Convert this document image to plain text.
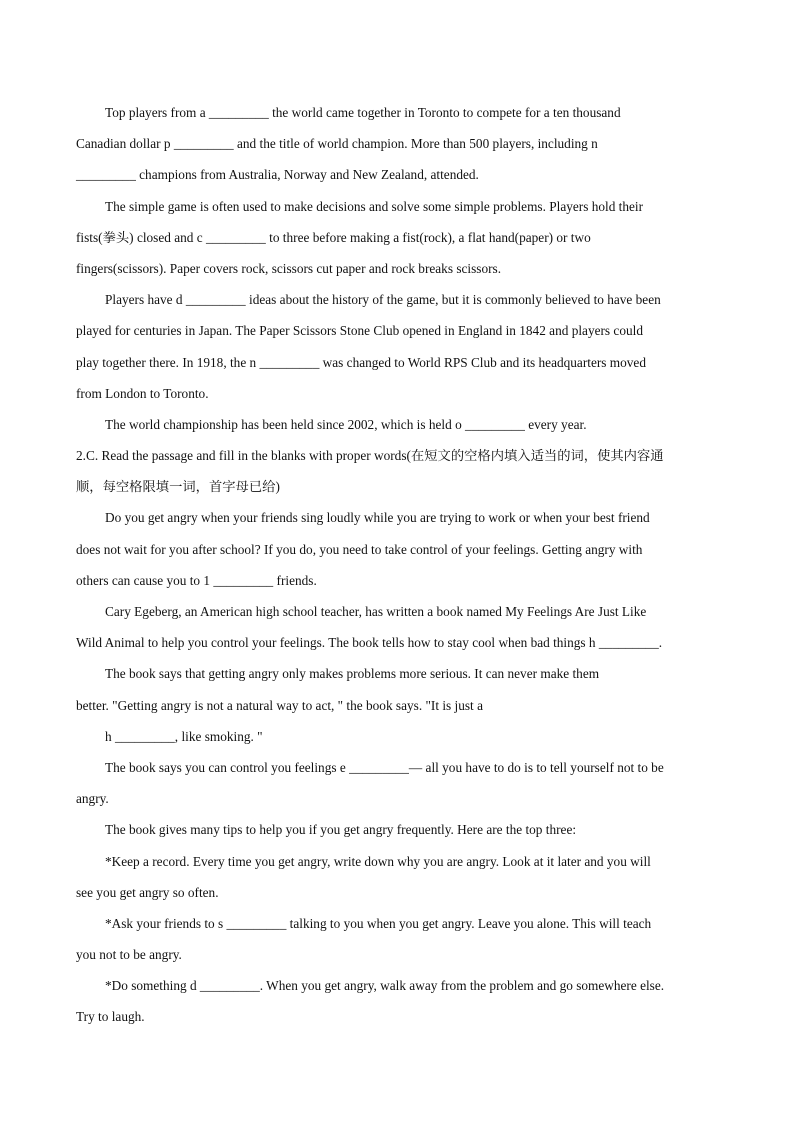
Top players from a _________ the world came together in Toronto to compete for a ten thousand
Canadian dollar p _________ and the title of world champion. More than 500 players, including n
_________ champions from Australia, Norway and New Zealand, attended.
The simple game is often used to make decisions and solve some simple problems. Players hold their
fists(拳头) closed and c _________ to three before making a fist(rock), a flat hand(paper) or two
fingers(scissors). Paper covers rock, scissors cut paper and rock breaks scissors.
Players have d _________ ideas about the history of the game, but it is commonly believed to have been
played for centuries in Japan. The Paper Scissors Stone Club opened in England in 1842 and players could
play together there. In 1918, the n _________ was changed to World RPS Club and its headquarters moved
from London to Toronto.
The world championship has been held since 2002, which is held o _________ every year.
2.C. Read the passage and fill in the blanks with proper words(在短文的空格内填入适当的词，使其内容通
顺，每空格限填一词，首字母已给)
Do you get angry when your friends sing loudly while you are trying to work or when your best friend
does not wait for you after school? If you do, you need to take control of your feelings. Getting angry with
others can cause you to 1 _________ friends.
Cary Egeberg, an American high school teacher, has written a book named My Feelings Are Just Like
Wild Animal to help you control your feelings. The book tells how to stay cool when bad things h _________.
The book says that getting angry only makes problems more serious. It can never make them
better. "Getting angry is not a natural way to act, " the book says. "It is just a
h _________, like smoking. "
The book says you can control you feelings e _________— all you have to do is to tell yourself not to be
angry.
The book gives many tips to help you if you get angry frequently. Here are the top three:
*Keep a record. Every time you get angry, write down why you are angry. Look at it later and you will
see you get angry so often.
*Ask your friends to s _________ talking to you when you get angry. Leave you alone. This will teach
you not to be angry.
*Do something d _________. When you get angry, walk away from the problem and go somewhere else.
Try to laugh.
